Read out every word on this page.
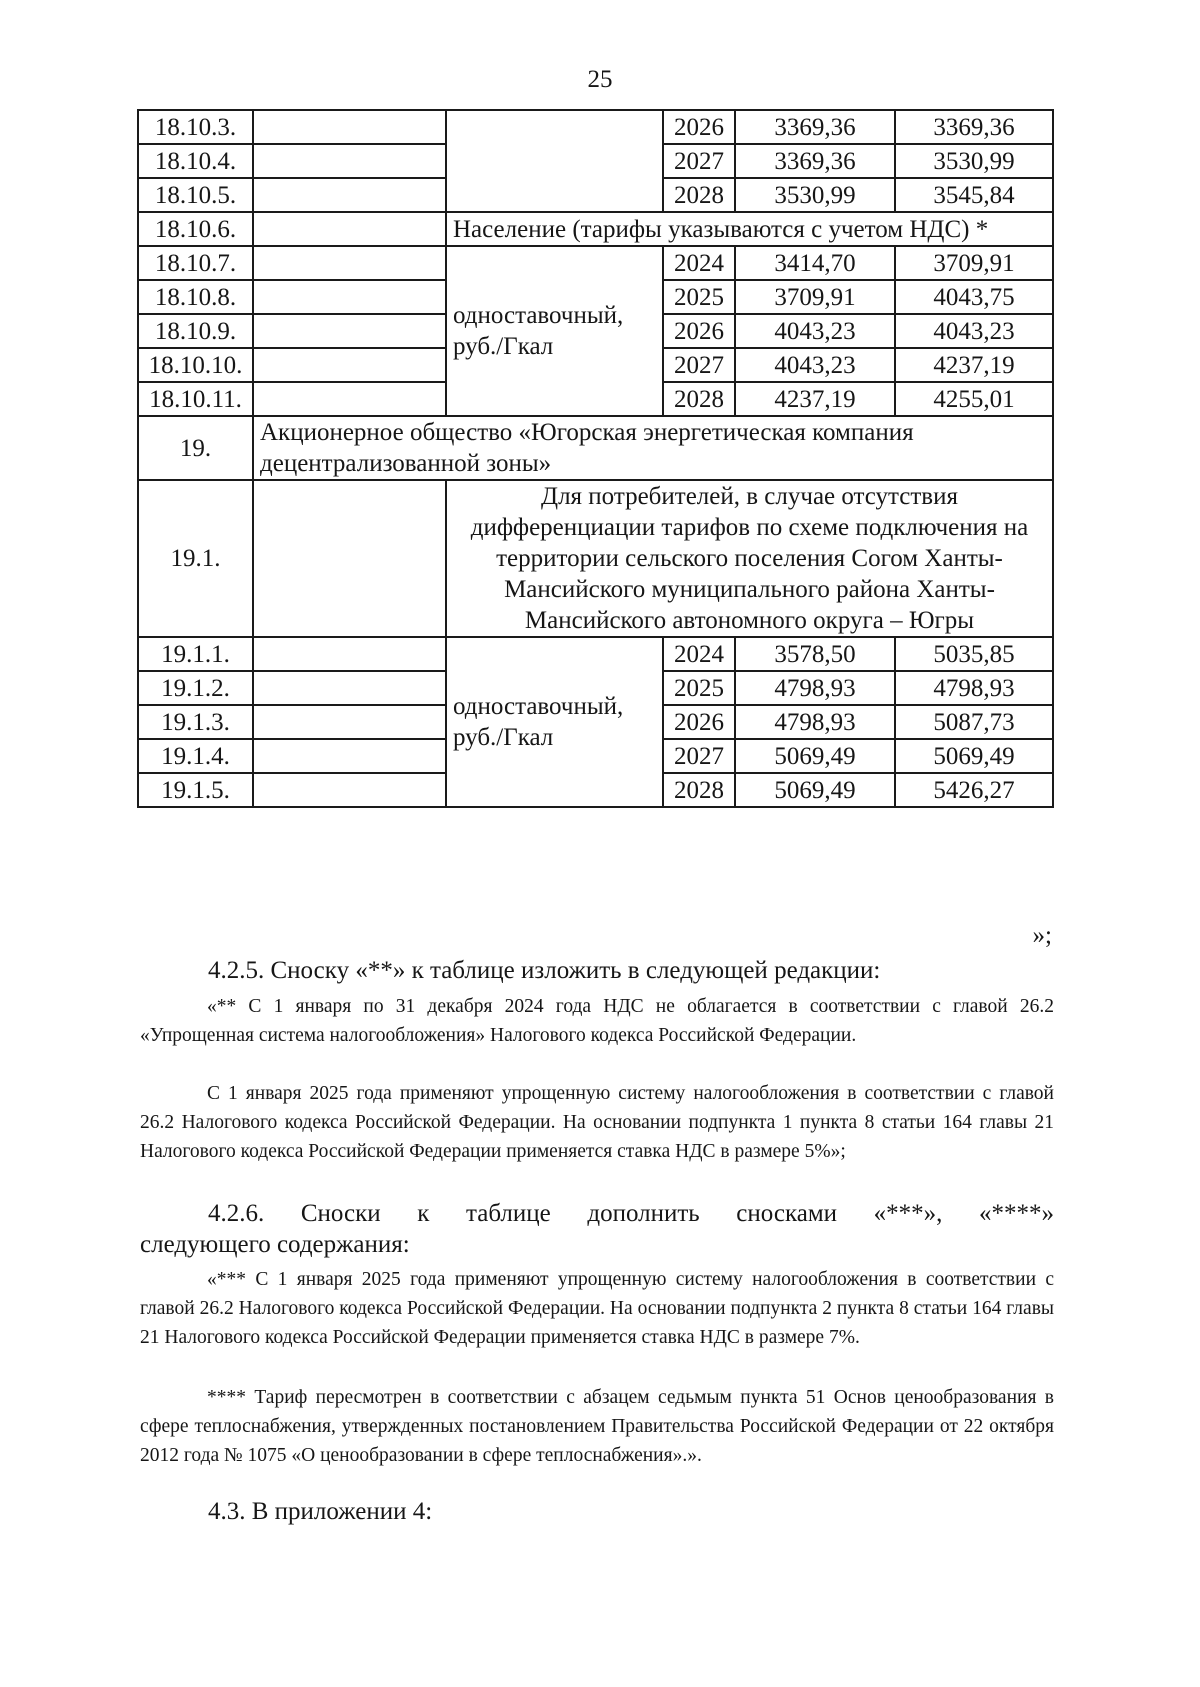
25
18.10.3.			2026	3369,36	3369,36
18.10.4.			2027	3369,36	3530,99
18.10.5.			2028	3530,99	3545,84
18.10.6.		Население (тарифы указываются с учетом НДС) *			
18.10.7.		одноставочный, руб./Гкал	2024	3414,70	3709,91
18.10.8.			2025	3709,91	4043,75
18.10.9.			2026	4043,23	4043,23
18.10.10.			2027	4043,23	4237,19
18.10.11.			2028	4237,19	4255,01
19.	Акционерное общество «Югорская энергетическая компания децентрализованной зоны»				
19.1.		Для потребителей, в случае отсутствия дифференциации тарифов по схеме подключения на территории сельского поселения Согом Ханты-Мансийского муниципального района Ханты-Мансийского автономного округа – Югры			
19.1.1.		одноставочный, руб./Гкал	2024	3578,50	5035,85
19.1.2.			2025	4798,93	4798,93
19.1.3.			2026	4798,93	5087,73
19.1.4.			2027	5069,49	5069,49
19.1.5.			2028	5069,49	5426,27
»;
4.2.5. Сноску «**» к таблице изложить в следующей редакции:
«** С 1 января по 31 декабря 2024 года НДС не облагается в соответствии с главой 26.2 «Упрощенная система налогообложения» Налогового кодекса Российской Федерации.
С 1 января 2025 года применяют упрощенную систему налогообложения в соответствии с главой 26.2 Налогового кодекса Российской Федерации. На основании подпункта 1 пункта 8 статьи 164 главы 21 Налогового кодекса Российской Федерации применяется ставка НДС в размере 5%»;
4.2.6. Сноски к таблице дополнить сносками «***», «****»
следующего содержания:
«*** С 1 января 2025 года применяют упрощенную систему налогообложения в соответствии с главой 26.2 Налогового кодекса Российской Федерации. На основании подпункта 2 пункта 8 статьи 164 главы 21 Налогового кодекса Российской Федерации применяется ставка НДС в размере 7%.
**** Тариф пересмотрен в соответствии с абзацем седьмым пункта 51 Основ ценообразования в сфере теплоснабжения, утвержденных постановлением Правительства Российской Федерации от 22 октября 2012 года № 1075 «О ценообразовании в сфере теплоснабжения».».
4.3. В приложении 4:
